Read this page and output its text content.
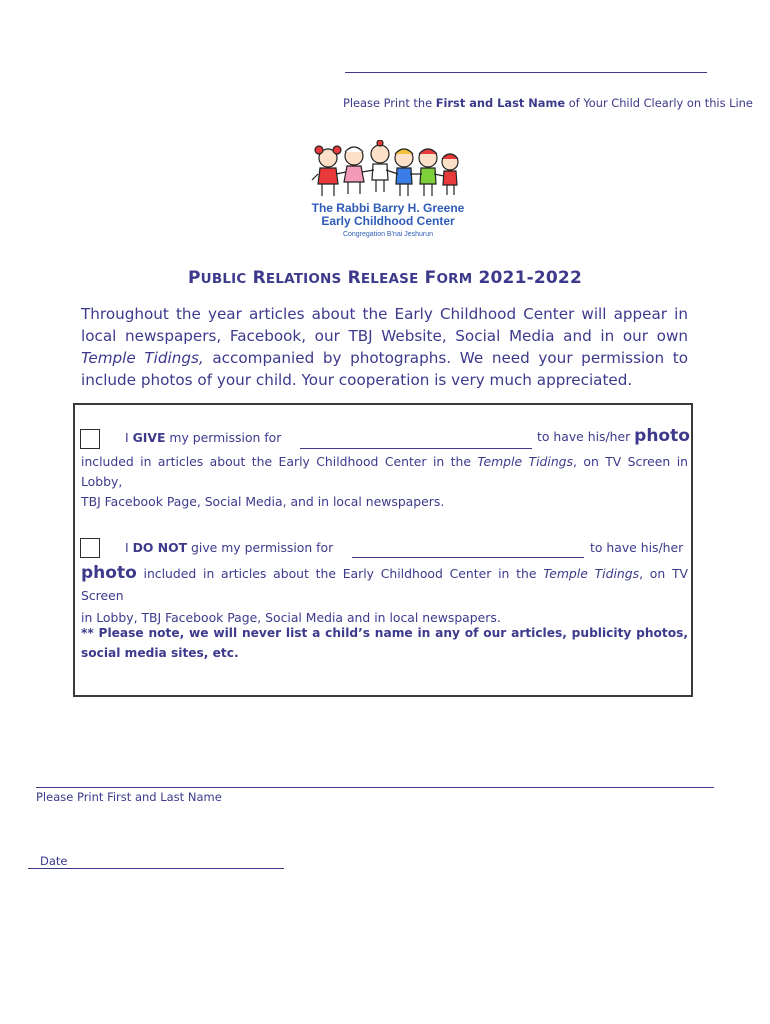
Please Print the First and Last Name of Your Child Clearly on this Line
The Rabbi Barry H. Greene
Early Childhood Center
Congregation B'nai Jeshurun
PUBLIC RELATIONS RELEASE FORM 2021-2022
Throughout the year articles about the Early Childhood Center will appear in local newspapers, Facebook, our TBJ Website, Social Media and in our own Temple Tidings, accompanied by photographs. We need your permission to include photos of your child. Your cooperation is very much appreciated.
I GIVE my permission for	to have his/her photo
included in articles about the Early Childhood Center in the Temple Tidings, on TV Screen in Lobby,
TBJ Facebook Page, Social Media, and in local newspapers.
I DO NOT give my permission for	to have his/her
photo included in articles about the Early Childhood Center in the Temple Tidings, on TV Screen
in Lobby, TBJ Facebook Page, Social Media and in local newspapers.
** Please note, we will never list a child’s name in any of our articles, publicity photos, social media sites, etc.
Please Print First and Last Name
Date
